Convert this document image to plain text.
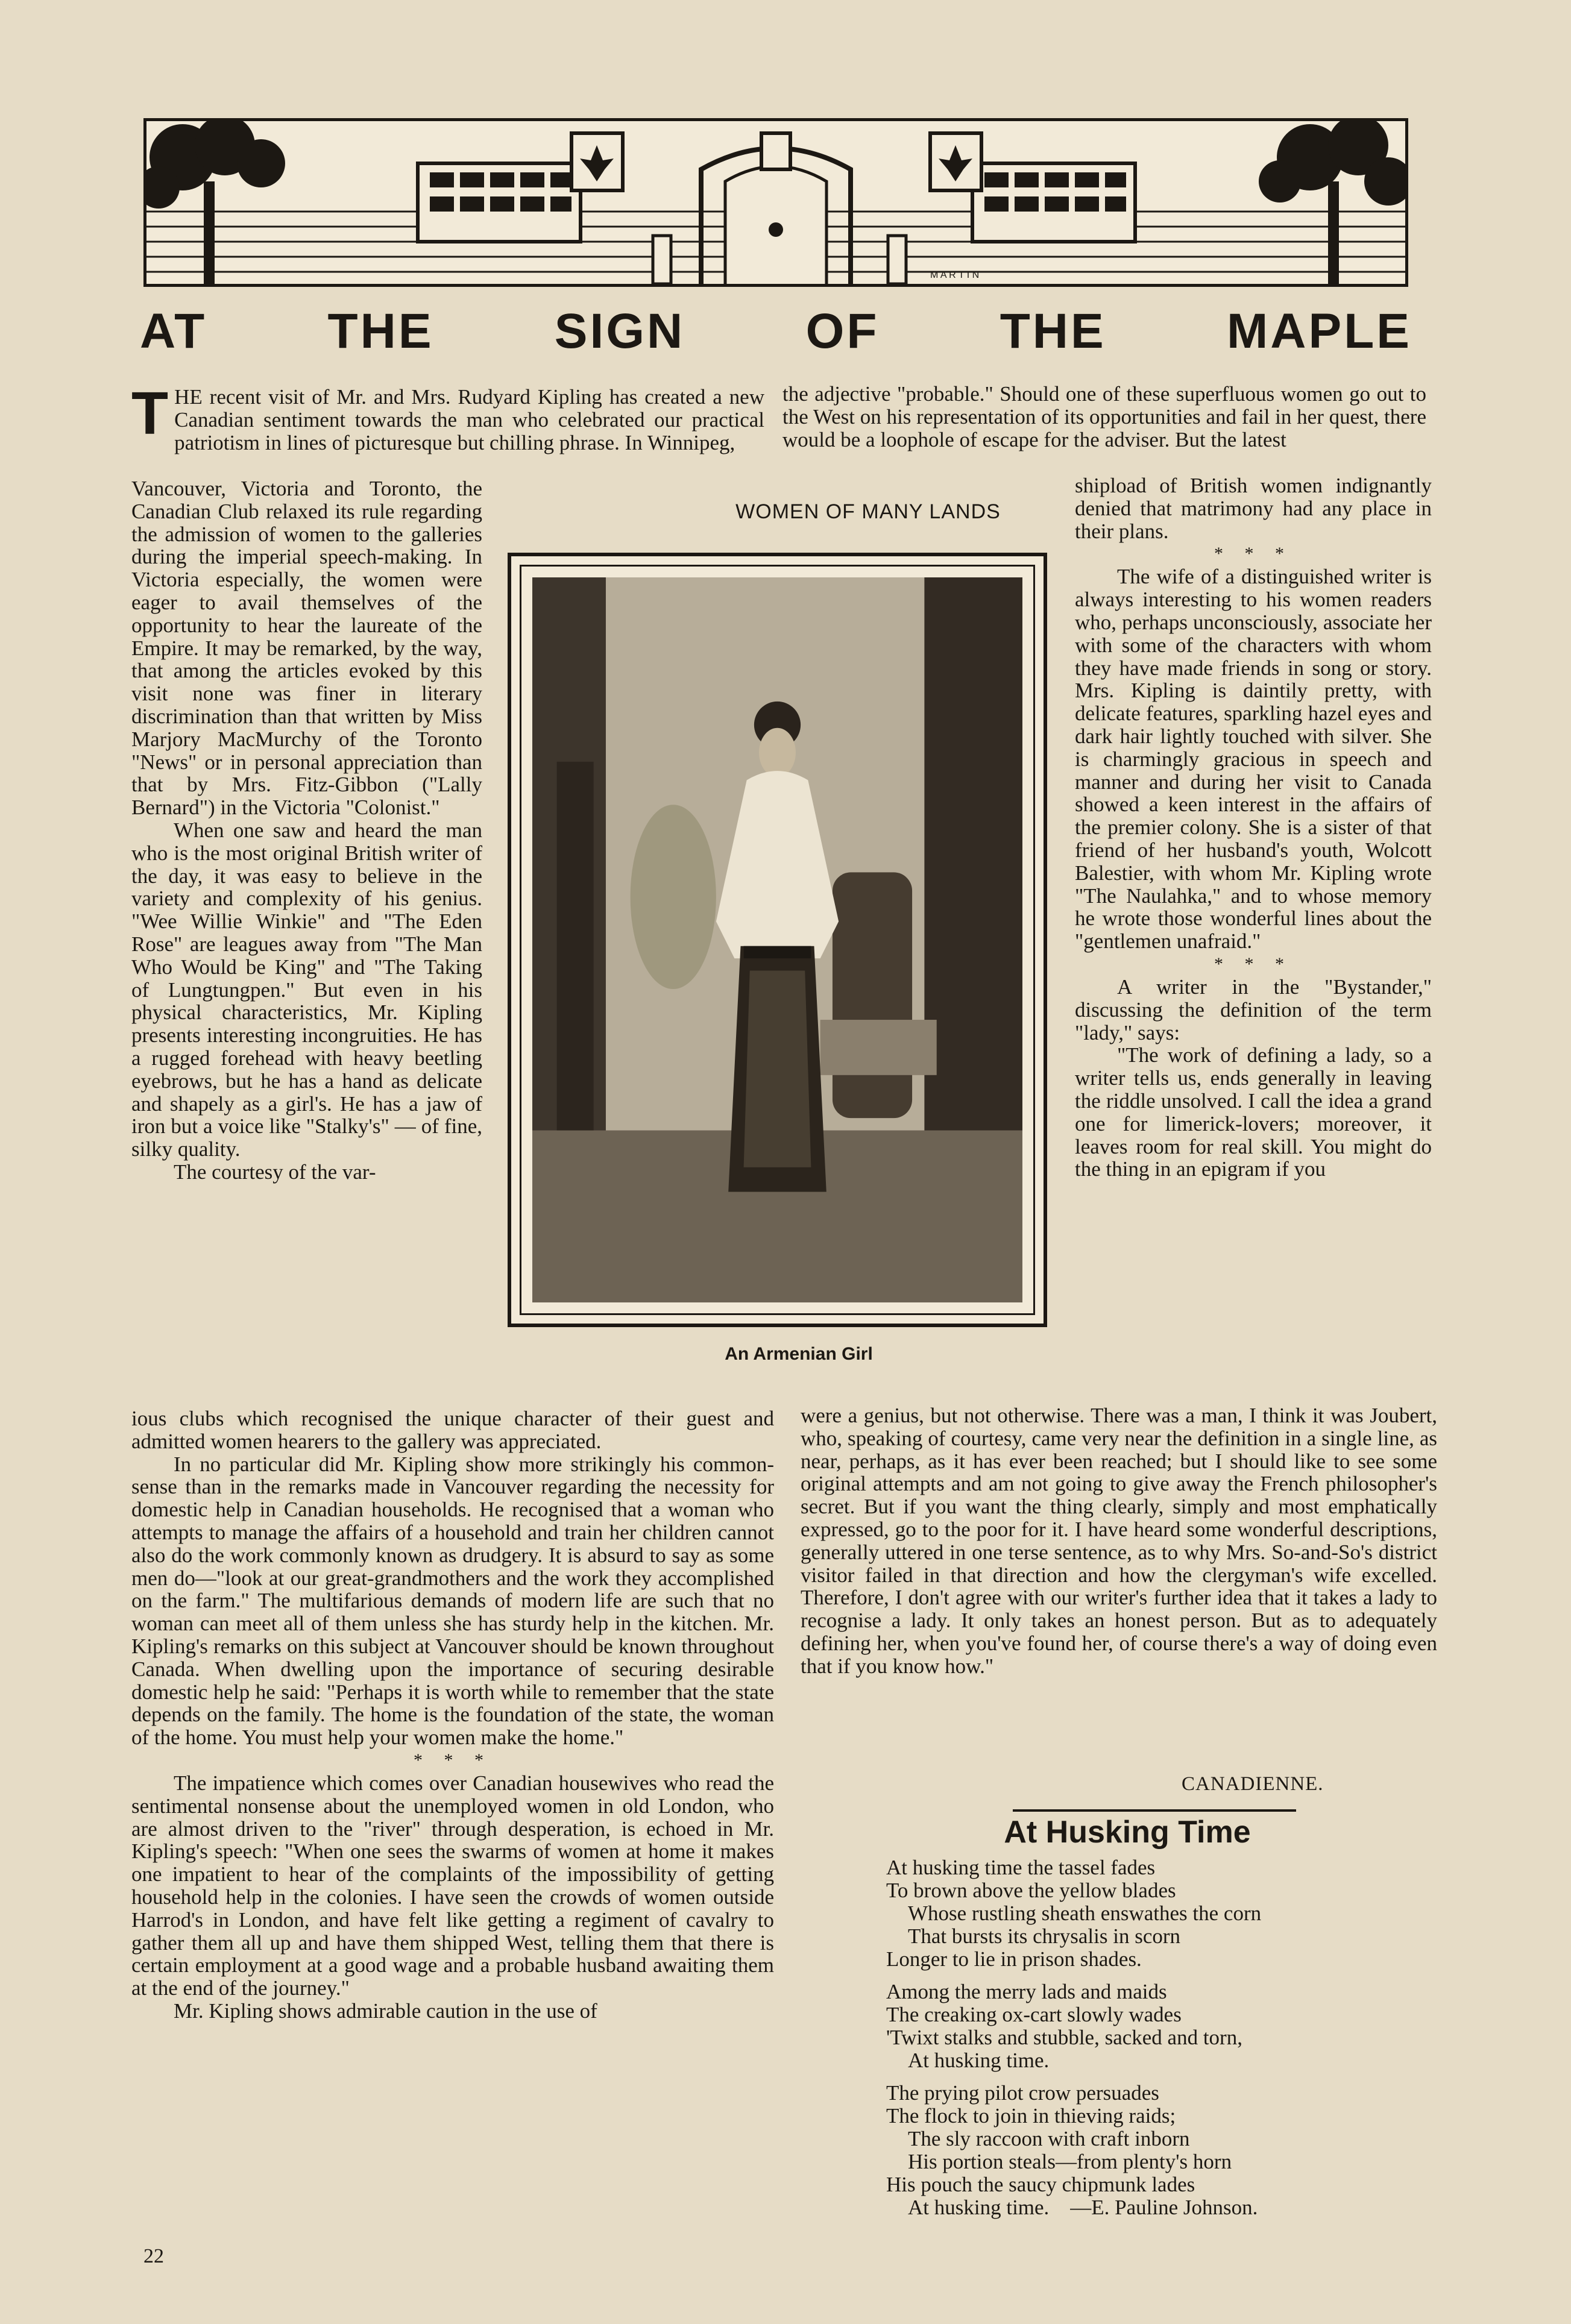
M A R T I N
AT THE SIGN OF THE MAPLE
T HE recent visit of Mr. and Mrs. Rudyard Kipling has created a new Canadian sentiment towards the man who celebrated our practical patriotism in lines of picturesque but chilling phrase. In Winnipeg,

Vancouver, Victoria and Toronto, the Canadian Club relaxed its rule regarding the admission of women to the galleries during the imperial speech-making. In Victoria especially, the women were eager to avail themselves of the opportunity to hear the laureate of the Empire. It may be remarked, by the way, that among the articles evoked by this visit none was finer in literary discrimination than that written by Miss Marjory MacMurchy of the Toronto "News" or in personal appreciation than that by Mrs. Fitz-Gibbon ("Lally Bernard") in the Victoria "Colonist."

When one saw and heard the man who is the most original British writer of the day, it was easy to believe in the variety and complexity of his genius. "Wee Willie Winkie" and "The Eden Rose" are leagues away from "The Man Who Would be King" and "The Taking of Lungtungpen." But even in his physical characteristics, Mr. Kipling presents interesting incongruities. He has a rugged forehead with heavy beetling eyebrows, but he has a hand as delicate and shapely as a girl's. He has a jaw of iron but a voice like "Stalky's" — of fine, silky quality.

The courtesy of the var-

ious clubs which recognised the unique character of their guest and admitted women hearers to the gallery was appreciated.

In no particular did Mr. Kipling show more strikingly his common-sense than in the remarks made in Vancouver regarding the necessity for domestic help in Canadian households. He recognised that a woman who attempts to manage the affairs of a household and train her children cannot also do the work commonly known as drudgery. It is absurd to say as some men do—"look at our great-grandmothers and the work they accomplished on the farm." The multifarious demands of modern life are such that no woman can meet all of them unless she has sturdy help in the kitchen. Mr. Kipling's remarks on this subject at Vancouver should be known throughout Canada. When dwelling upon the importance of securing desirable domestic help he said: "Perhaps it is worth while to remember that the state depends on the family. The home is the foundation of the state, the woman of the home. You must help your women make the home."

* * *

The impatience which comes over Canadian housewives who read the sentimental nonsense about the unemployed women in old London, who are almost driven to the "river" through desperation, is echoed in Mr. Kipling's speech: "When one sees the swarms of women at home it makes one impatient to hear of the complaints of the impossibility of getting household help in the colonies. I have seen the crowds of women outside Harrod's in London, and have felt like getting a regiment of cavalry to gather them all up and have them shipped West, telling them that there is certain employment at a good wage and a probable husband awaiting them at the end of the journey."

Mr. Kipling shows admirable caution in the use of

the adjective "probable." Should one of these superfluous women go out to the West on his representation of its opportunities and fail in her quest, there would be a loophole of escape for the adviser. But the latest

shipload of British women indignantly denied that matrimony had any place in their plans.

* * *

The wife of a distinguished writer is always interesting to his women readers who, perhaps unconsciously, associate her with some of the characters with whom they have made friends in song or story. Mrs. Kipling is daintily pretty, with delicate features, sparkling hazel eyes and dark hair lightly touched with silver. She is charmingly gracious in speech and manner and during her visit to Canada showed a keen interest in the affairs of the premier colony. She is a sister of that friend of her husband's youth, Wolcott Balestier, with whom Mr. Kipling wrote "The Naulahka," and to whose memory he wrote those wonderful lines about the "gentlemen unafraid."

* * *

A writer in the "Bystander," discussing the definition of the term "lady," says:

"The work of defining a lady, so a writer tells us, ends generally in leaving the riddle unsolved. I call the idea a grand one for limerick-lovers; moreover, it leaves room for real skill. You might do the thing in an epigram if you

were a genius, but not otherwise. There was a man, I think it was Joubert, who, speaking of courtesy, came very near the definition in a single line, as near, perhaps, as it has ever been reached; but I should like to see some original attempts and am not going to give away the French philosopher's secret. But if you want the thing clearly, simply and most emphatically expressed, go to the poor for it. I have heard some wonderful descriptions, generally uttered in one terse sentence, as to why Mrs. So-and-So's district visitor failed in that direction and how the clergyman's wife excelled. Therefore, I don't agree with our writer's further idea that it takes a lady to recognise a lady. It only takes an honest person. But as to adequately defining her, when you've found her, of course there's a way of doing even that if you know how."

CANADIENNE.
WOMEN OF MANY LANDS
An Armenian Girl
At Husking Time
At husking time the tassel fades
To brown above the yellow blades
Whose rustling sheath enswathes the corn
That bursts its chrysalis in scorn
Longer to lie in prison shades.
Among the merry lads and maids
The creaking ox-cart slowly wades
'Twixt stalks and stubble, sacked and torn,
At husking time.
The prying pilot crow persuades
The flock to join in thieving raids;
The sly raccoon with craft inborn
His portion steals—from plenty's horn
His pouch the saucy chipmunk lades
At husking time.    —E. Pauline Johnson.
22
